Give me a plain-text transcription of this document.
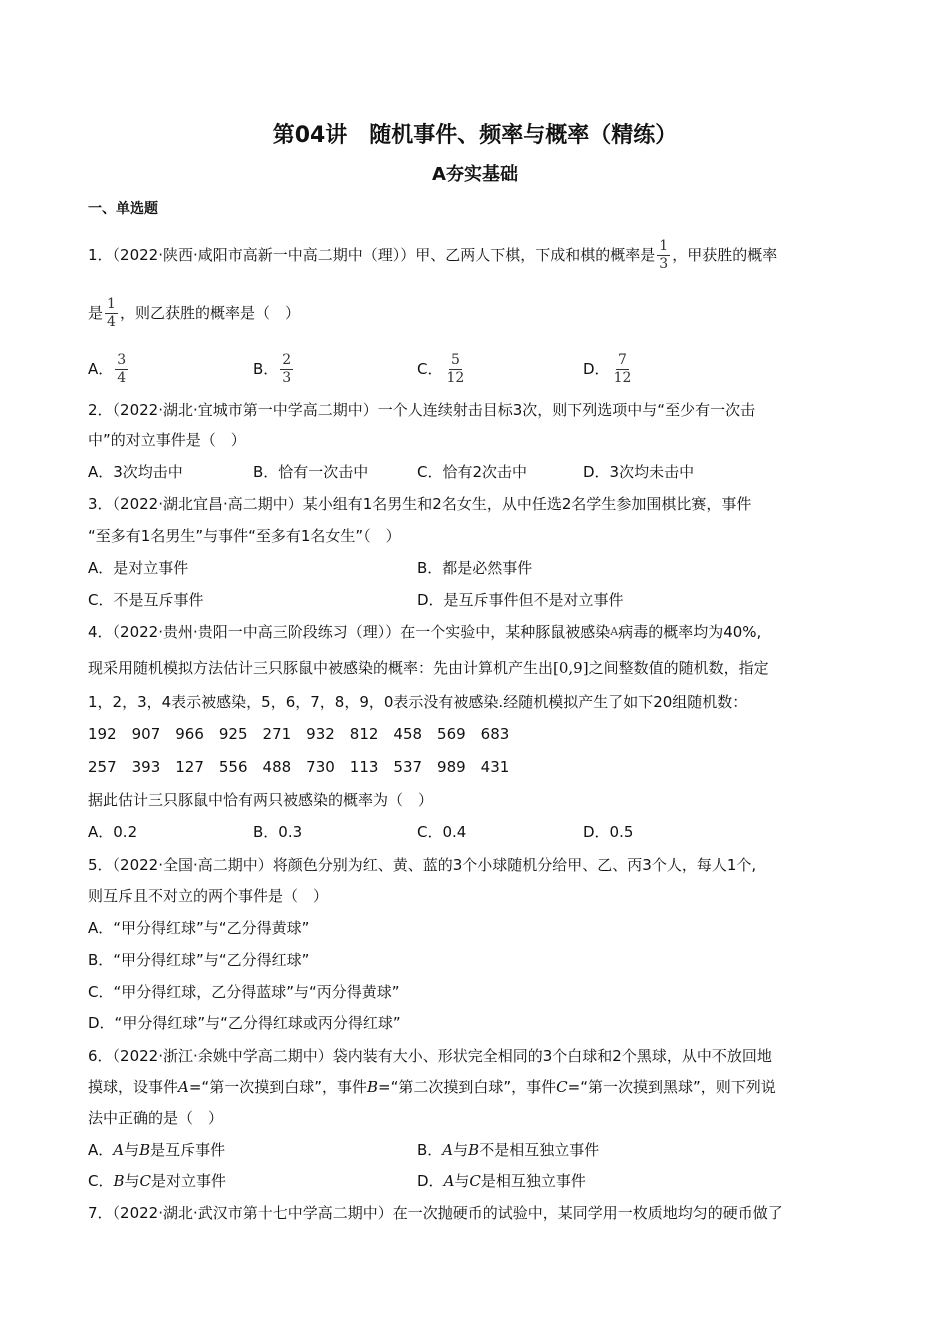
第04讲　随机事件、频率与概率（精练）
A夯实基础
一、单选题
1．（2022·陕西·咸阳市高新一中高二期中（理））甲、乙两人下棋，下成和棋的概率是 $\frac{1}{3}$ ，甲获胜的概率
是 $\frac{1}{4}$ ，则乙获胜的概率是（　）
A． $\frac{3}{4}$	B． $\frac{2}{3}$	C． $\frac{5}{12}$	D． $\frac{7}{12}$
2．（2022·湖北·宜城市第一中学高二期中）一个人连续射击目标3次，则下列选项中与“至少有一次击
中”的对立事件是（　）
A．3次均击中	B．恰有一次击中	C．恰有2次击中	D．3次均未击中
3．（2022·湖北宜昌·高二期中）某小组有1名男生和2名女生，从中任选2名学生参加围棋比赛，事件
“至多有1名男生”与事件“至多有1名女生”（　）
A．是对立事件	B．都是必然事件
C．不是互斥事件	D．是互斥事件但不是对立事件
4．（2022·贵州·贵阳一中高三阶段练习（理））在一个实验中，某种豚鼠被感染$^A$病毒的概率均为40%,
现采用随机模拟方法估计三只豚鼠中被感染的概率：先由计算机产生出[0,9]之间整数值的随机数，指定
1，2，3，4表示被感染，5，6，7，8，9，0表示没有被感染.经随机模拟产生了如下20组随机数：
192　907　966　925　271　932　812　458　569　683
257　393　127　556　488　730　113　537　989　431
据此估计三只豚鼠中恰有两只被感染的概率为（　）
A．0.2	B．0.3	C．0.4	D．0.5
5．（2022·全国·高二期中）将颜色分别为红、黄、蓝的3个小球随机分给甲、乙、丙3个人，每人1个,
则互斥且不对立的两个事件是（　）
A．“甲分得红球”与“乙分得黄球”
B．“甲分得红球”与“乙分得红球”
C．“甲分得红球，乙分得蓝球”与“丙分得黄球”
D．“甲分得红球”与“乙分得红球或丙分得红球”
6．（2022·浙江·余姚中学高二期中）袋内装有大小、形状完全相同的3个白球和2个黑球，从中不放回地
摸球，设事件A=“第一次摸到白球”，事件B=“第二次摸到白球”，事件C=“第一次摸到黑球”，则下列说
法中正确的是（　）
A．A与B是互斥事件	B．A与B不是相互独立事件
C．B与C是对立事件	D．A与C是相互独立事件
7．（2022·湖北·武汉市第十七中学高二期中）在一次抛硬币的试验中，某同学用一枚质地均匀的硬币做了
